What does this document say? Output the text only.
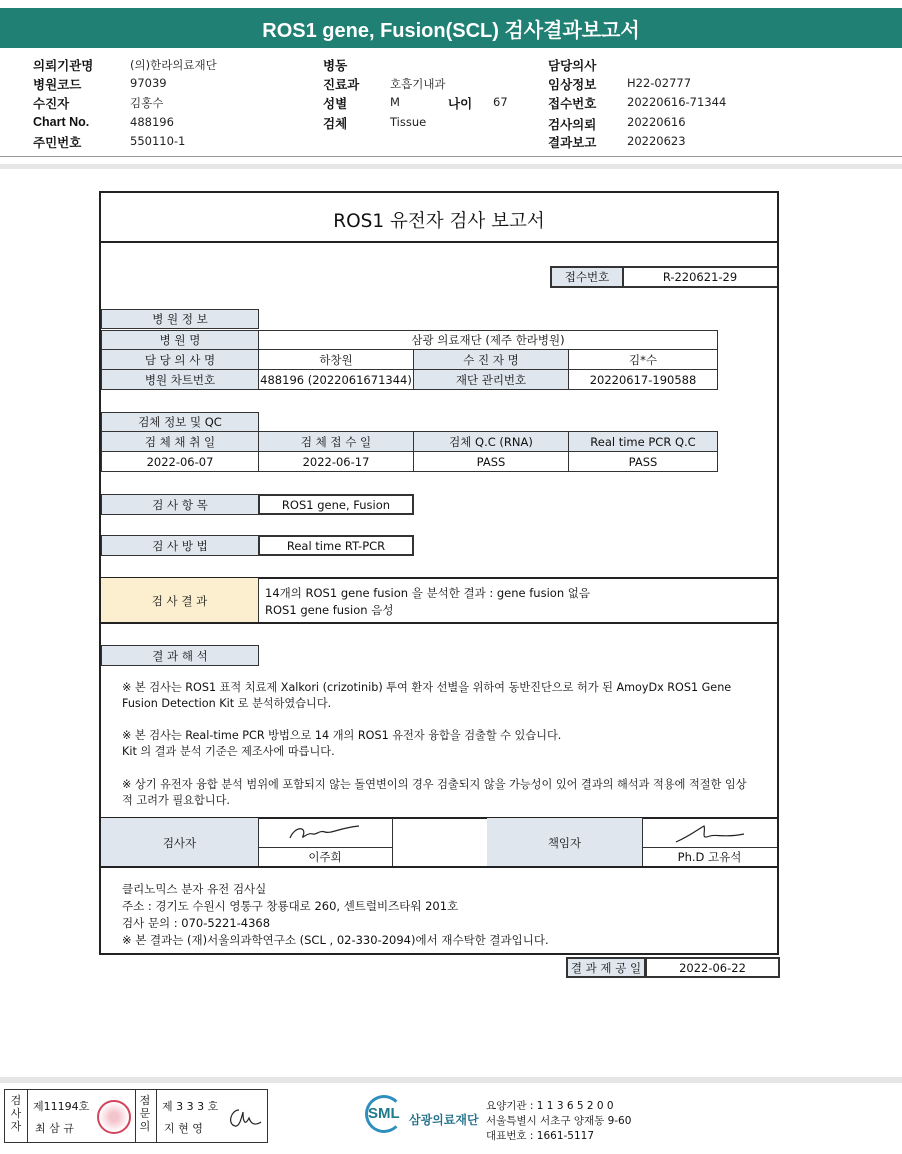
ROS1 gene, Fusion(SCL) 검사결과보고서
의뢰기관명	(의)한라의료재단
병원코드	97039
수진자	김홍수
Chart No.	488196
주민번호	550110-1
병동
진료과	호흡기내과
성별	M	나이 67
검체	Tissue
담당의사
임상정보	H22-02777
접수번호	20220616-71344
검사의뢰	20220616
결과보고	20220623
ROS1 유전자 검사 보고서
접수번호	R-220621-29
병 원 정 보
병 원 명	삼광 의료재단 (제주 한라병원)
담 당 의 사 명	하창원	수 진 자 명	김*수
병원 차트번호	488196 (2022061671344)	재단 관리번호	20220617-190588
검체 정보 및 QC
검 체 채 취 일	검 체 접 수 일	검체 Q.C (RNA)	Real time PCR Q.C
2022-06-07	2022-06-17	PASS	PASS
검 사 항 목	ROS1 gene, Fusion
검 사 방 법	Real time RT-PCR
검 사 결 과
14개의 ROS1 gene fusion 을 분석한 결과 : gene fusion 없음
ROS1 gene fusion 음성
결 과 해 석
※ 본 검사는 ROS1 표적 치료제 Xalkori (crizotinib) 투여 환자 선별을 위하여 동반진단으로 허가 된 AmoyDx ROS1 Gene
Fusion Detection Kit 로 분석하였습니다.
※ 본 검사는 Real-time PCR 방법으로 14 개의 ROS1 유전자 융합을 검출할 수 있습니다.
Kit 의 결과 분석 기준은 제조사에 따릅니다.
※ 상기 유전자 융합 분석 범위에 포함되지 않는 돌연변이의 경우 검출되지 않을 가능성이 있어 결과의 해석과 적용에 적절한 임상
적 고려가 필요합니다.
검사자
이주희
책임자
Ph.D 고유석
클리노믹스 분자 유전 검사실
주소 : 경기도 수원시 영통구 창룡대로 260, 센트럴비즈타워 201호
검사 문의 : 070-5221-4368
※ 본 결과는 (재)서울의과학연구소 (SCL , 02-330-2094)에서 재수탁한 결과입니다.
결 과 제 공 일	2022-06-22
검사자
제11194호
최 삼 규
점문의
제 3 3 3 호
지 현 영
SML 삼광의료재단
요양기관 : 1 1 3 6 5 2 0 0
서울특별시 서초구 양재동 9-60
대표번호 : 1661-5117
